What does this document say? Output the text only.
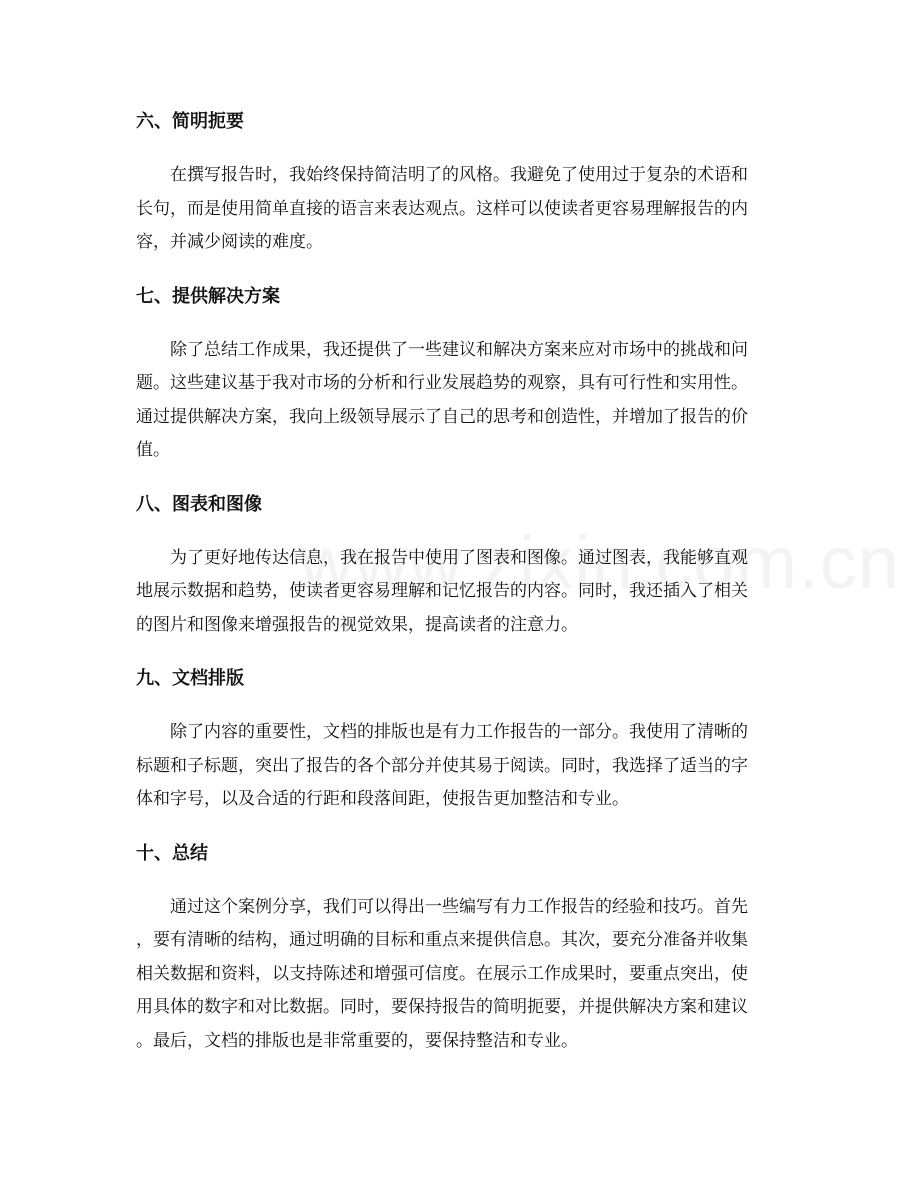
六、简明扼要

在撰写报告时，我始终保持简洁明了的风格。我避免了使用过于复杂的术语和
长句，而是使用简单直接的语言来表达观点。这样可以使读者更容易理解报告的内
容，并减少阅读的难度。

七、提供解决方案

除了总结工作成果，我还提供了一些建议和解决方案来应对市场中的挑战和问
题。这些建议基于我对市场的分析和行业发展趋势的观察，具有可行性和实用性。
通过提供解决方案，我向上级领导展示了自己的思考和创造性，并增加了报告的价
值。

八、图表和图像

为了更好地传达信息，我在报告中使用了图表和图像。通过图表，我能够直观
地展示数据和趋势，使读者更容易理解和记忆报告的内容。同时，我还插入了相关
的图片和图像来增强报告的视觉效果，提高读者的注意力。

九、文档排版

除了内容的重要性，文档的排版也是有力工作报告的一部分。我使用了清晰的
标题和子标题，突出了报告的各个部分并使其易于阅读。同时，我选择了适当的字
体和字号，以及合适的行距和段落间距，使报告更加整洁和专业。

十、总结

通过这个案例分享，我们可以得出一些编写有力工作报告的经验和技巧。首先
，要有清晰的结构，通过明确的目标和重点来提供信息。其次，要充分准备并收集
相关数据和资料，以支持陈述和增强可信度。在展示工作成果时，要重点突出，使
用具体的数字和对比数据。同时，要保持报告的简明扼要，并提供解决方案和建议
。最后，文档的排版也是非常重要的，要保持整洁和专业。
